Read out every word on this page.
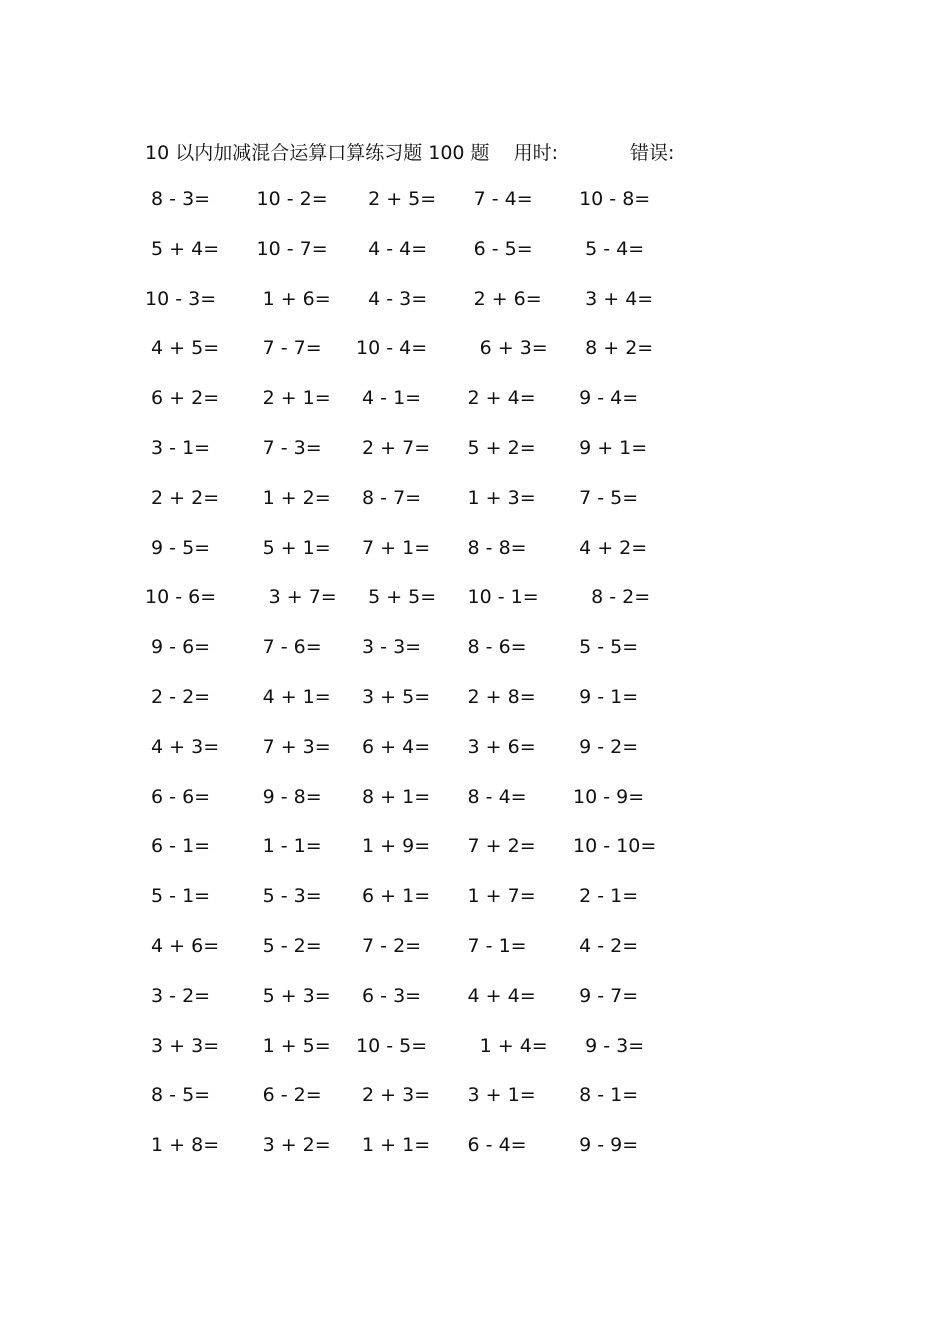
10 以内加减混合运算口算练习题 100 题 用时:	错误:
8 - 3=	10 - 2=	2 + 5=	7 - 4=	10 - 8=
5 + 4=	10 - 7=	4 - 4=	6 - 5=	5 - 4=
10 - 3=	1 + 6=	4 - 3=	2 + 6=	3 + 4=
4 + 5=	7 - 7=	10 - 4=	6 + 3=	8 + 2=
6 + 2=	2 + 1=	4 - 1=	2 + 4=	9 - 4=
3 - 1=	7 - 3=	2 + 7=	5 + 2=	9 + 1=
2 + 2=	1 + 2=	8 - 7=	1 + 3=	7 - 5=
9 - 5=	5 + 1=	7 + 1=	8 - 8=	4 + 2=
10 - 6=	3 + 7=	5 + 5=	10 - 1=	8 - 2=
9 - 6=	7 - 6=	3 - 3=	8 - 6=	5 - 5=
2 - 2=	4 + 1=	3 + 5=	2 + 8=	9 - 1=
4 + 3=	7 + 3=	6 + 4=	3 + 6=	9 - 2=
6 - 6=	9 - 8=	8 + 1=	8 - 4=	10 - 9=
6 - 1=	1 - 1=	1 + 9=	7 + 2=	10 - 10=
5 - 1=	5 - 3=	6 + 1=	1 + 7=	2 - 1=
4 + 6=	5 - 2=	7 - 2=	7 - 1=	4 - 2=
3 - 2=	5 + 3=	6 - 3=	4 + 4=	9 - 7=
3 + 3=	1 + 5=	10 - 5=	1 + 4=	9 - 3=
8 - 5=	6 - 2=	2 + 3=	3 + 1=	8 - 1=
1 + 8=	3 + 2=	1 + 1=	6 - 4=	9 - 9=
